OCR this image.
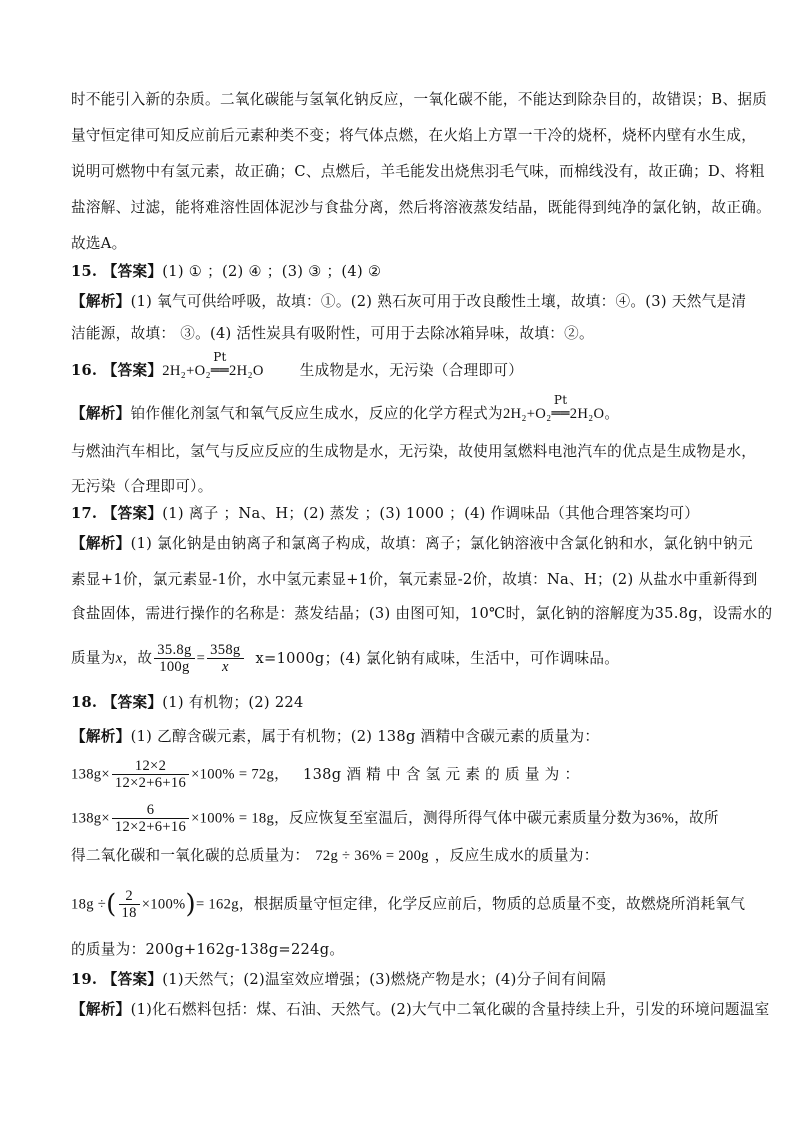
时不能引入新的杂质。二氧化碳能与氢氧化钠反应，一氧化碳不能，不能达到除杂目的，故错误；B、据质
量守恒定律可知反应前后元素种类不变；将气体点燃，在火焰上方罩一干冷的烧杯，烧杯内壁有水生成，
说明可燃物中有氢元素，故正确；C、点燃后，羊毛能发出烧焦羽毛气味，而棉线没有，故正确；D、将粗
盐溶解、过滤，能将难溶性固体泥沙与食盐分离，然后将溶液蒸发结晶，既能得到纯净的氯化钠，故正确。
故选A。
15. 【答案】(1) ① ；(2) ④ ；(3) ③ ；(4) ②
【解析】(1) 氧气可供给呼吸，故填：①。(2) 熟石灰可用于改良酸性土壤，故填：④。(3) 天然气是清
洁能源，故填： ③。(4) 活性炭具有吸附性，可用于去除冰箱异味，故填：②。
16. 【答案】2H₂+O₂
Pt
══2H₂O 生成物是水，无污染（合理即可）
【解析】铂作催化剂氢气和氧气反应生成水，反应的化学方程式为2H₂+O₂
Pt
══2H₂O。
与燃油汽车相比，氢气与反应反应的生成物是水，无污染，故使用氢燃料电池汽车的优点是生成物是水，
无污染（合理即可）。
17. 【答案】(1) 离子 ；Na、H；(2) 蒸发 ；(3) 1000 ；(4) 作调味品（其他合理答案均可）
【解析】(1) 氯化钠是由钠离子和氯离子构成，故填：离子；氯化钠溶液中含氯化钠和水，氯化钠中钠元
素显+1价，氯元素显-1价，水中氢元素显+1价，氧元素显-2价，故填：Na、H；(2) 从盐水中重新得到
食盐固体，需进行操作的名称是：蒸发结晶；(3) 由图可知，10℃时，氯化钠的溶解度为35.8g，设需水的
质量为x，故 $\frac{35.8g}{100g} = \frac{358g}{x} x=1000g$；(4) 氯化钠有咸味，生活中，可作调味品。
18. 【答案】(1) 有机物；(2) 224
【解析】(1) 乙醇含碳元素，属于有机物；(2) 138g 酒精中含碳元素的质量为：
$138g\times \frac{12\times 2}{12\times 2+6+16} \times 100\% = 72g$， 138g 酒 精 中 含 氢 元 素 的 质 量 为 ：
$138g\times \frac{6}{12\times 2+6+16} \times 100\% = 18g$，反应恢复至室温后，测得所得气体中碳元素质量分数为36%，故所
得二氧化碳和一氧化碳的总质量为： 72g ÷ 36% = 200g ，反应生成水的质量为：
18g ÷( $\frac{2}{18} \times 100\%)= 162g$，根据质量守恒定律，化学反应前后，物质的总质量不变，故燃烧所消耗氧气
的质量为：200g+162g-138g=224g。
19. 【答案】(1)天然气；(2)温室效应增强；(3)燃烧产物是水；(4)分子间有间隔
【解析】(1)化石燃料包括：煤、石油、天然气。(2)大气中二氧化碳的含量持续上升，引发的环境问题温室
